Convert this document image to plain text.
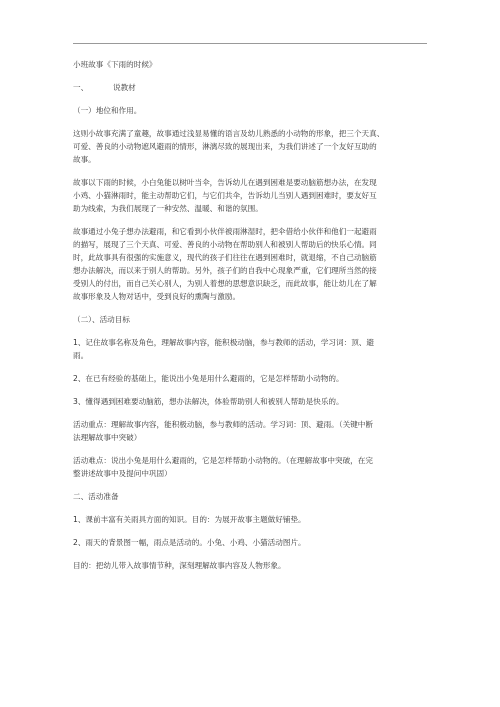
小班故事《下雨的时候》
一、	说教材
（一）地位和作用。
这则小故事充满了童趣，故事通过浅显易懂的语言及幼儿熟悉的小动物的形象，把三个天真、
可爱、善良的小动物遮风避雨的情形，淋漓尽致的展现出来，为我们讲述了一个友好互助的
故事。
故事以下雨的时候，小白兔能以树叶当伞，告诉幼儿在遇到困难是要动脑筋想办法，在发现
小鸡、小猫淋雨时，能主动帮助它们，与它们共伞，告诉幼儿当别人遇到困难时，要友好互
助为线索，为我们展现了一种安然、温暖、和谐的氛围。
故事通过小兔子想办法避雨，和它看到小伙伴被雨淋湿时，把伞借给小伙伴和他们一起避雨
的描写，展现了三个天真、可爱、善良的小动物在帮助别人和被别人帮助后的快乐心情。同
时，此故事具有很强的实施意义，现代的孩子们往往在遇到困难时，就退缩，不自己动脑筋
想办法解决，而以来于别人的帮助。另外，孩子们的自我中心现象严重，它们理所当然的接
受别人的付出，而自己关心别人，为别人着想的思想意识缺乏，而此故事，能让幼儿在了解
故事形象及人物对话中，受到良好的熏陶与激励。
（二）、活动目标
1、记住故事名称及角色，理解故事内容，能积极动脑，参与教师的活动，学习词：顶、避
雨。
2、在已有经验的基础上，能说出小兔是用什么避雨的，它是怎样帮助小动物的。
3、懂得遇到困难要动脑筋，想办法解决，体验帮助别人和被别人帮助是快乐的。
活动重点：理解故事内容，能积极动脑，参与教师的活动。学习词：顶、避雨。（关键中断
法理解故事中突破）
活动难点：说出小兔是用什么避雨的，它是怎样帮助小动物的。（在理解故事中突破，在完
整讲述故事中及提问中巩固）
二、活动准备
1、课前丰富有关雨具方面的知识。目的：为展开故事主题做好铺垫。
2、雨天的背景图一幅，雨点是活动的。小兔、小鸡、小猫活动图片。
目的：把幼儿带入故事情节种，深刻理解故事内容及人物形象。
